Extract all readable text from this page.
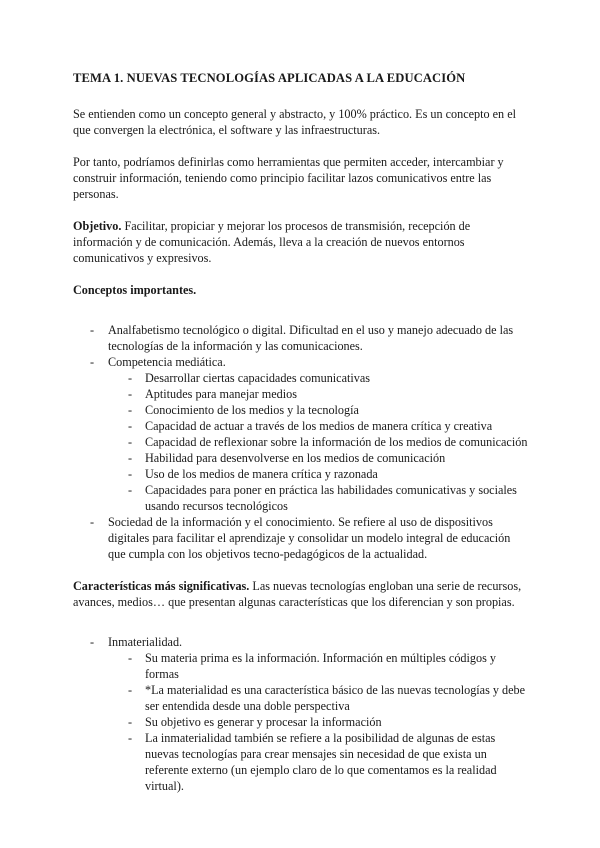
TEMA 1. NUEVAS TECNOLOGÍAS APLICADAS A LA EDUCACIÓN

Se entienden como un concepto general y abstracto, y 100% práctico. Es un concepto en el que convergen la electrónica, el software y las infraestructuras.

Por tanto, podríamos definirlas como herramientas que permiten acceder, intercambiar y construir información, teniendo como principio facilitar lazos comunicativos entre las personas.

Objetivo. Facilitar, propiciar y mejorar los procesos de transmisión, recepción de información y de comunicación. Además, lleva a la creación de nuevos entornos comunicativos y expresivos.

Conceptos importantes.
- Analfabetismo tecnológico o digital. Dificultad en el uso y manejo adecuado de las tecnologías de la información y las comunicaciones.
- Competencia mediática.
- Desarrollar ciertas capacidades comunicativas
- Aptitudes para manejar medios
- Conocimiento de los medios y la tecnología
- Capacidad de actuar a través de los medios de manera crítica y creativa
- Capacidad de reflexionar sobre la información de los medios de comunicación
- Habilidad para desenvolverse en los medios de comunicación
- Uso de los medios de manera crítica y razonada
- Capacidades para poner en práctica las habilidades comunicativas y sociales usando recursos tecnológicos
- Sociedad de la información y el conocimiento. Se refiere al uso de dispositivos digitales para facilitar el aprendizaje y consolidar un modelo integral de educación que cumpla con los objetivos tecno-pedagógicos de la actualidad.

Características más significativas. Las nuevas tecnologías engloban una serie de recursos, avances, medios… que presentan algunas características que los diferencian y son propias.

- Inmaterialidad.
- Su materia prima es la información. Información en múltiples códigos y formas
- *La materialidad es una característica básico de las nuevas tecnologías y debe ser entendida desde una doble perspectiva
- Su objetivo es generar y procesar la información
- La inmaterialidad también se refiere a la posibilidad de algunas de estas nuevas tecnologías para crear mensajes sin necesidad de que exista un referente externo (un ejemplo claro de lo que comentamos es la realidad virtual).
